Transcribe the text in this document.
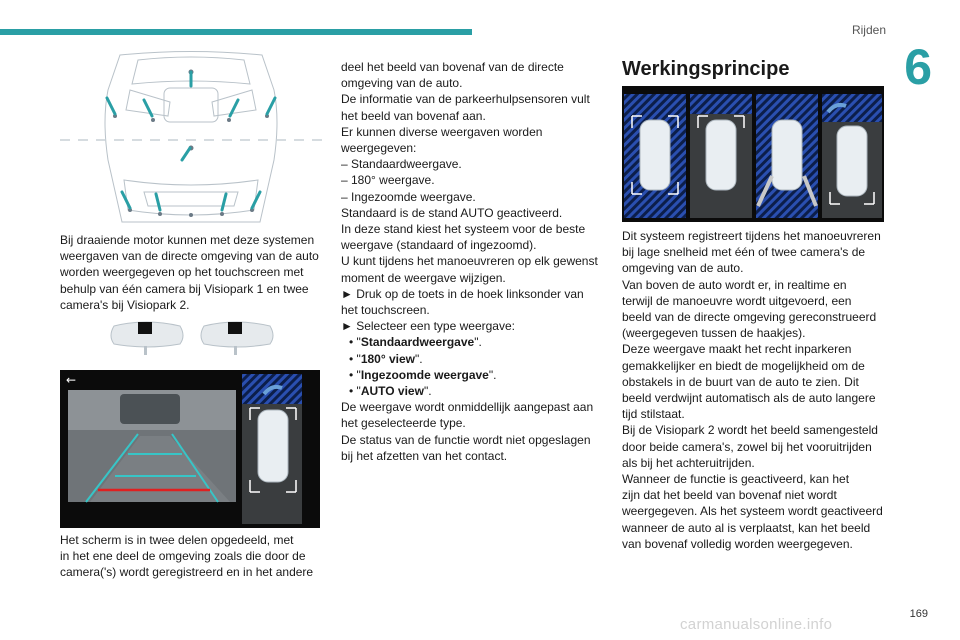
Rijden
6
Bij draaiende motor kunnen met deze systemen
weergaven van de directe omgeving van de auto
worden weergegeven op het touchscreen met
behulp van één camera bij Visiopark 1 en twee
camera's bij Visiopark 2.
←
Het scherm is in twee delen opgedeeld, met
in het ene deel de omgeving zoals die door de
camera('s) wordt geregistreerd en in het andere
deel het beeld van bovenaf van de directe
omgeving van de auto.
De informatie van de parkeerhulpsensoren vult
het beeld van bovenaf aan.
Er kunnen diverse weergaven worden
weergegeven:
– Standaardweergave.
– 180° weergave.
– Ingezoomde weergave.
Standaard is de stand AUTO geactiveerd.
In deze stand kiest het systeem voor de beste
weergave (standaard of ingezoomd).
U kunt tijdens het manoeuvreren op elk gewenst
moment de weergave wijzigen.
► Druk op de toets in de hoek linksonder van
het touchscreen.
► Selecteer een type weergave:
• "Standaardweergave".
• "180° view".
• "Ingezoomde weergave".
• "AUTO view".
De weergave wordt onmiddellijk aangepast aan
het geselecteerde type.
De status van de functie wordt niet opgeslagen
bij het afzetten van het contact.
Werkingsprincipe
Dit systeem registreert tijdens het manoeuvreren
bij lage snelheid met één of twee camera's de
omgeving van de auto.
Van boven de auto wordt er, in realtime en
terwijl de manoeuvre wordt uitgevoerd, een
beeld van de directe omgeving gereconstrueerd
(weergegeven tussen de haakjes).
Deze weergave maakt het recht inparkeren
gemakkelijker en biedt de mogelijkheid om de
obstakels in de buurt van de auto te zien. Dit
beeld verdwijnt automatisch als de auto langere
tijd stilstaat.
Bij de Visiopark 2 wordt het beeld samengesteld
door beide camera's, zowel bij het vooruitrijden
als bij het achteruitrijden.
Wanneer de functie is geactiveerd, kan het
zijn dat het beeld van bovenaf niet wordt
weergegeven. Als het systeem wordt geactiveerd
wanneer de auto al is verplaatst, kan het beeld
van bovenaf volledig worden weergegeven.
169
carmanualsonline.info
